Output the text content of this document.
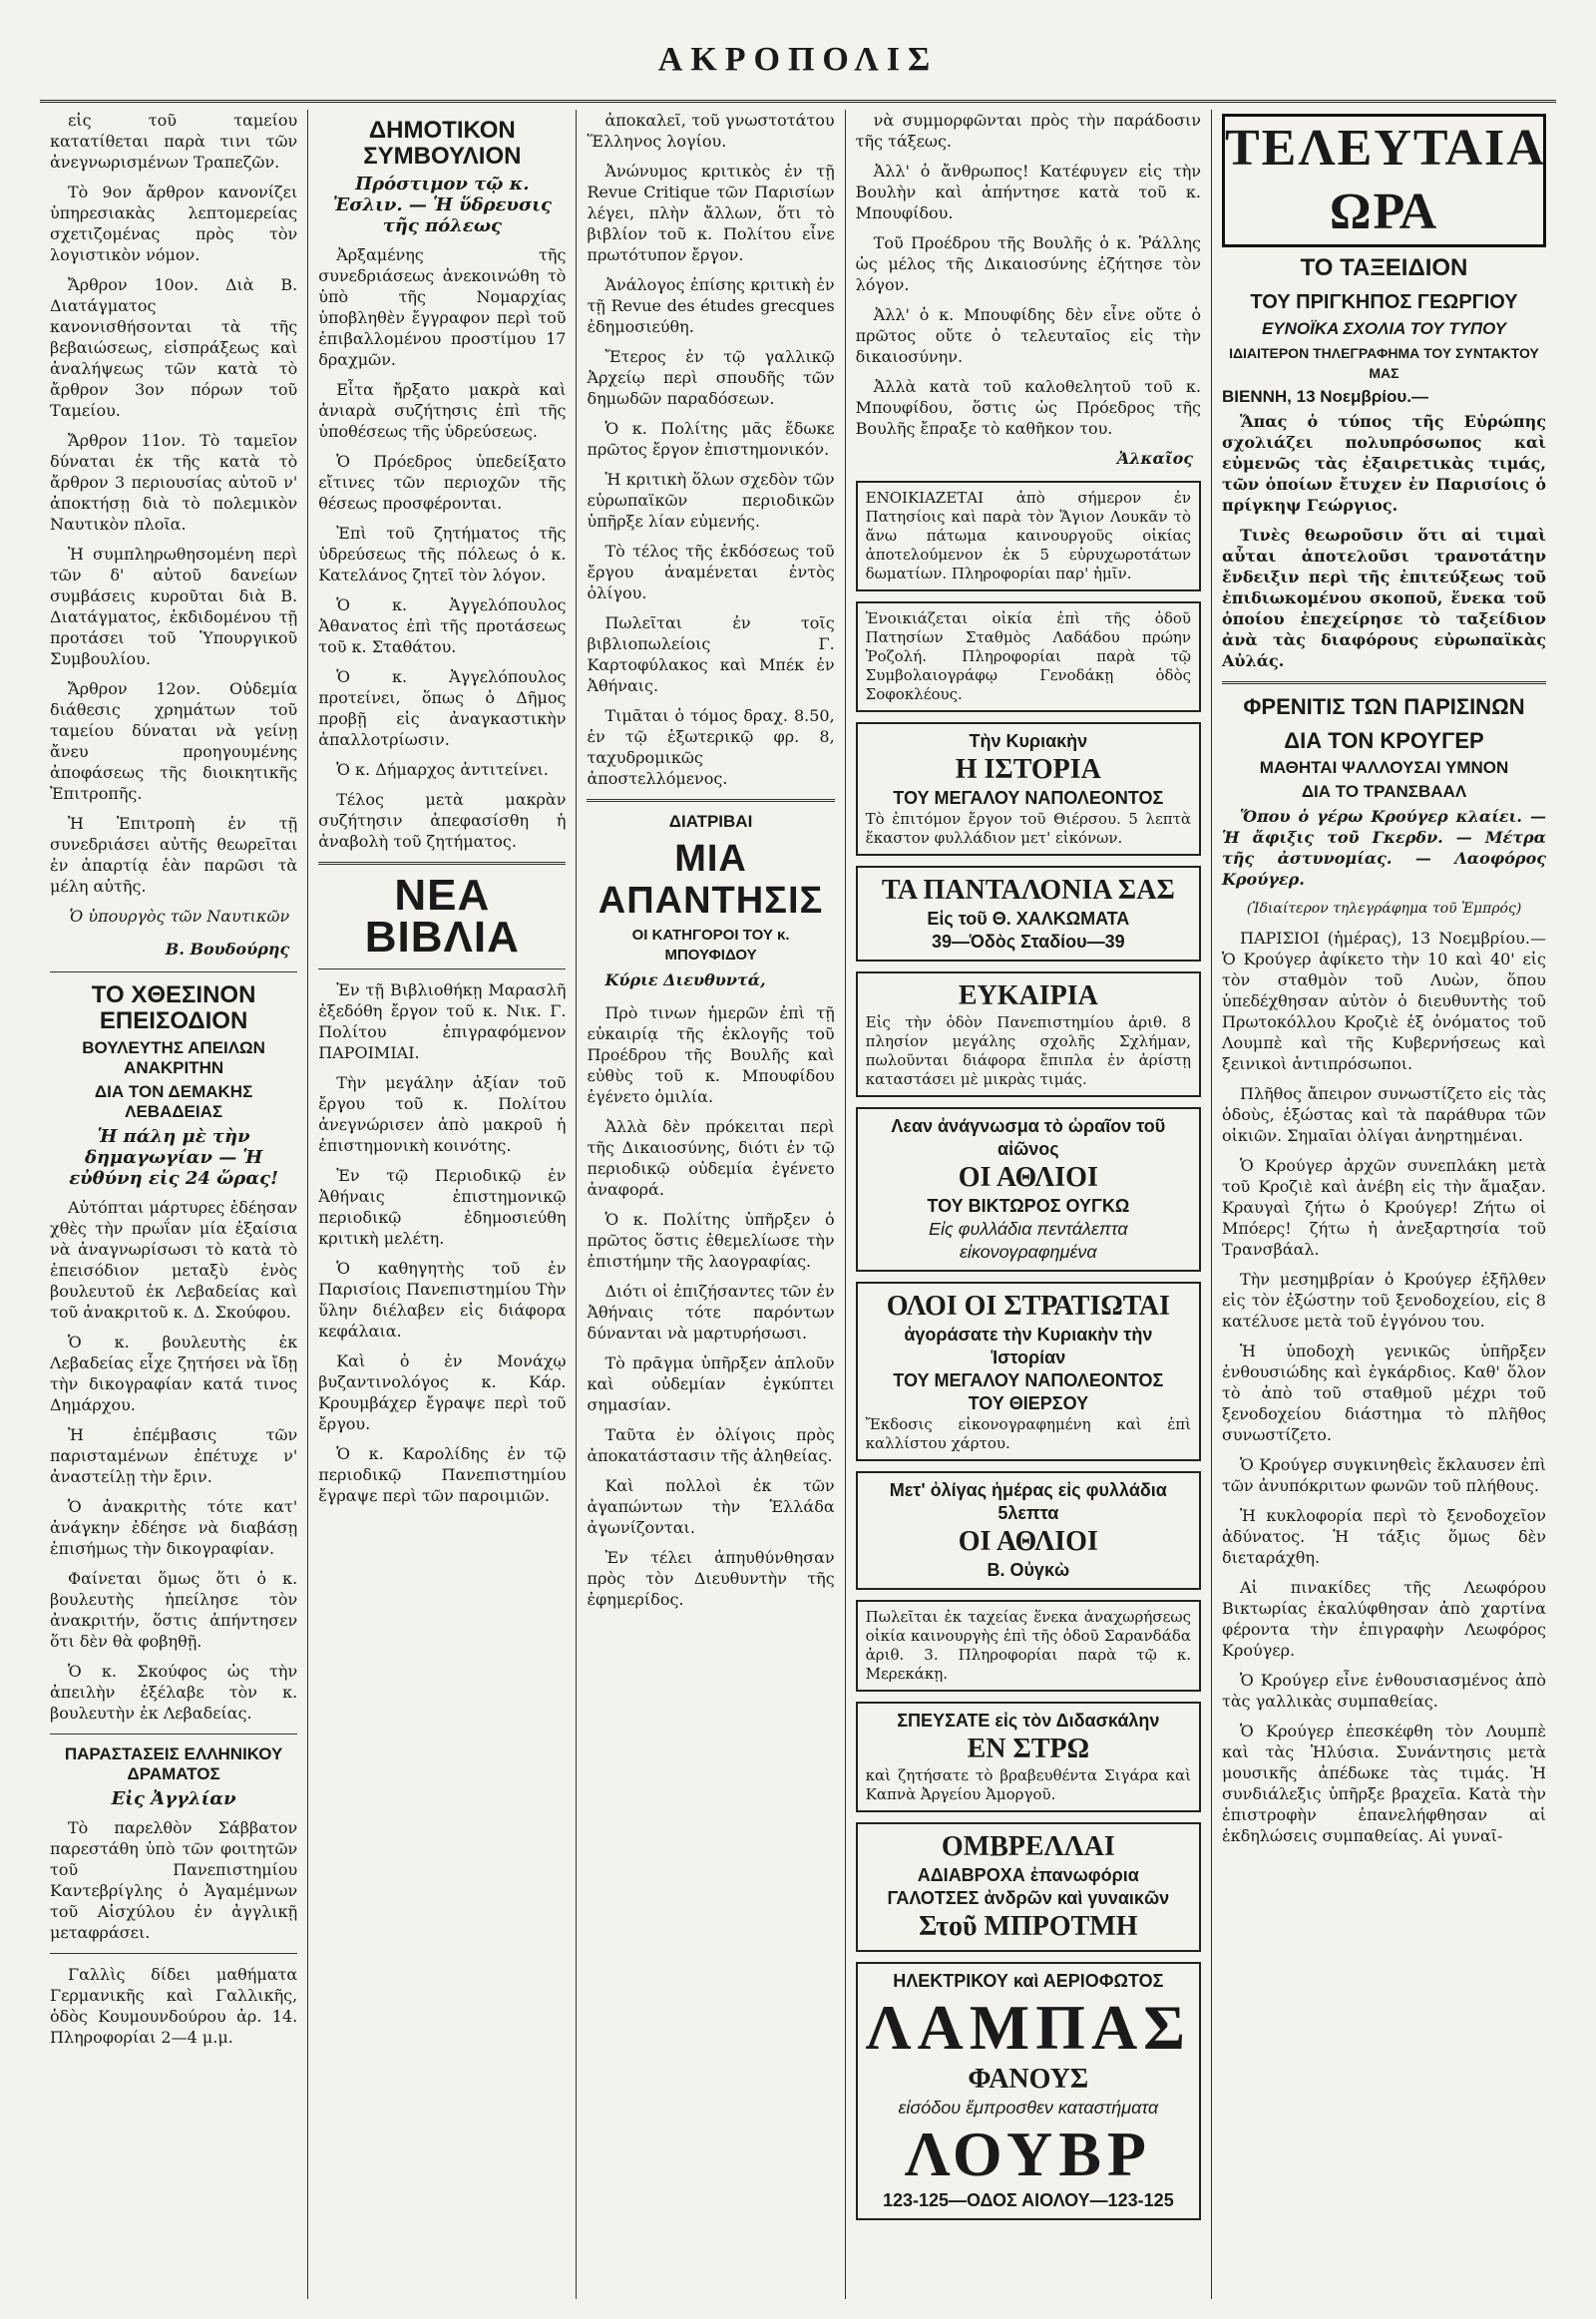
ΑΚΡΟΠΟΛΙΣ

εἰς τοῦ ταμείου κατατίθεται παρὰ τινι τῶν ἀνεγνωρισμένων Τραπεζῶν.

Τὸ 9ον ἄρθρον κανονίζει ὑπηρεσιακὰς λεπτομερείας σχετιζομένας πρὸς τὸν λογιστικὸν νόμον.

Ἄρθρον 10ον. Διὰ Β. Διατάγματος κανονισθήσονται τὰ τῆς βεβαιώσεως, εἰσπράξεως καὶ ἀναλήψεως τῶν κατὰ τὸ ἄρθρον 3ον πόρων τοῦ Ταμείου.

Ἄρθρον 11ον. Τὸ ταμεῖον δύναται ἐκ τῆς κατὰ τὸ ἄρθρον 3 περιουσίας αὐτοῦ ν' ἀποκτήσῃ διὰ τὸ πολεμικὸν Ναυτικὸν πλοῖα.

Ἡ συμπληρωθησομένη περὶ τῶν δ' αὐτοῦ δανείων συμβάσεις κυροῦται διὰ Β. Διατάγματος, ἐκδιδομένου τῇ προτάσει τοῦ Ὑπουργικοῦ Συμβουλίου.

Ἄρθρον 12ον. Οὐδεμία διάθεσις χρημάτων τοῦ ταμείου δύναται νὰ γείνῃ ἄνευ προηγουμένης ἀποφάσεως τῆς διοικητικῆς Ἐπιτροπῆς.

Ἡ Ἐπιτροπὴ ἐν τῇ συνεδριάσει αὐτῆς θεωρεῖται ἐν ἀπαρτίᾳ ἐὰν παρῶσι τὰ μέλη αὐτῆς.

Ὁ ὑπουργὸς τῶν Ναυτικῶν
Β. Βουδούρης
ΤΟ ΧΘΕΣΙΝΟΝ ΕΠΕΙΣΟΔΙΟΝ
ΒΟΥΛΕΥΤΗΣ ΑΠΕΙΛΩΝ ΑΝΑΚΡΙΤΗΝ
ΔΙΑ ΤΟΝ ΔΕΜΑΚΗΣ ΛΕΒΑΔΕΙΑΣ
Ἡ πάλη μὲ τὴν δημαγωγίαν — Ἡ εὐθύνη εἰς 24 ὥρας!

Αὐτόπται μάρτυρες ἐδέησαν χθὲς τὴν πρωΐαν μία ἐξαίσια νὰ ἀναγνωρίσωσι τὸ κατὰ τὸ ἐπεισόδιον μεταξὺ ἑνὸς βουλευτοῦ ἐκ Λεβαδείας καὶ τοῦ ἀνακριτοῦ κ. Δ. Σκούφου.

Ὁ κ. βουλευτὴς ἐκ Λεβαδείας εἶχε ζητήσει νὰ ἴδῃ τὴν δικογραφίαν κατά τινος Δημάρχου.

Ἡ ἐπέμβασις τῶν παρισταμένων ἐπέτυχε ν' ἀναστείλῃ τὴν ἔριν.

Ὁ ἀνακριτὴς τότε κατ' ἀνάγκην ἐδέησε νὰ διαβάσῃ ἐπισήμως τὴν δικογραφίαν.

Φαίνεται ὅμως ὅτι ὁ κ. βουλευτὴς ἠπείλησε τὸν ἀνακριτήν, ὅστις ἀπήντησεν ὅτι δὲν θὰ φοβηθῇ.

Ὁ κ. Σκούφος ὡς τὴν ἀπειλὴν ἐξέλαβε τὸν κ. βουλευτὴν ἐκ Λεβαδείας.

ΠΑΡΑΣΤΑΣΕΙΣ ΕΛΛΗΝΙΚΟΥ ΔΡΑΜΑΤΟΣ
Εἰς Ἀγγλίαν

Τὸ παρελθὸν Σάββατον παρεστάθη ὑπὸ τῶν φοιτητῶν τοῦ Πανεπιστημίου Καντεβρίγλης ὁ Ἀγαμέμνων τοῦ Αἰσχύλου ἐν ἀγγλικῇ μεταφράσει.

Γαλλὶς δίδει μαθήματα Γερμανικῆς καὶ Γαλλικῆς, ὁδὸς Κουμουνδούρου ἀρ. 14. Πληροφορίαι 2—4 μ.μ.

ΔΗΜΟΤΙΚΟΝ ΣΥΜΒΟΥΛΙΟΝ
Πρόστιμον τῷ κ. Ἐσλιν. — Ἡ ὕδρευσις τῆς πόλεως

Ἀρξαμένης τῆς συνεδριάσεως ἀνεκοινώθη τὸ ὑπὸ τῆς Νομαρχίας ὑποβληθὲν ἔγγραφον περὶ τοῦ ἐπιβαλλομένου προστίμου 17 δραχμῶν.

Εἶτα ἤρξατο μακρὰ καὶ ἀνιαρὰ συζήτησις ἐπὶ τῆς ὑποθέσεως τῆς ὑδρεύσεως.

Ὁ Πρόεδρος ὑπεδείξατο εἴτινες τῶν περιοχῶν τῆς θέσεως προσφέρονται.

Ἐπὶ τοῦ ζητήματος τῆς ὑδρεύσεως τῆς πόλεως ὁ κ. Κατελάνος ζητεῖ τὸν λόγον.

Ὁ κ. Ἀγγελόπουλος Ἀθανατος ἐπὶ τῆς προτάσεως τοῦ κ. Σταθάτου.

Ὁ κ. Ἀγγελόπουλος προτείνει, ὅπως ὁ Δῆμος προβῇ εἰς ἀναγκαστικὴν ἀπαλλοτρίωσιν.

Ὁ κ. Δήμαρχος ἀντιτείνει.

Τέλος μετὰ μακρὰν συζήτησιν ἀπεφασίσθη ἡ ἀναβολὴ τοῦ ζητήματος.

ΝΕΑ ΒΙΒΛΙΑ

Ἐν τῇ Βιβλιοθήκῃ Μαρασλῆ ἐξεδόθη ἔργον τοῦ κ. Νικ. Γ. Πολίτου ἐπιγραφόμενον ΠΑΡΟΙΜΙΑΙ.

Τὴν μεγάλην ἀξίαν τοῦ ἔργου τοῦ κ. Πολίτου ἀνεγνώρισεν ἀπὸ μακροῦ ἡ ἐπιστημονικὴ κοινότης.

Ἐν τῷ Περιοδικῷ ἐν Ἀθήναις ἐπιστημονικῷ περιοδικῷ ἐδημοσιεύθη κριτικὴ μελέτη.

Ὁ καθηγητὴς τοῦ ἐν Παρισίοις Πανεπιστημίου Τὴν ὕλην διέλαβεν εἰς διάφορα κεφάλαια.

Καὶ ὁ ἐν Μονάχῳ βυζαντινολόγος κ. Κάρ. Κρουμβάχερ ἔγραψε περὶ τοῦ ἔργου.

Ὁ κ. Καρολίδης ἐν τῷ περιοδικῷ Πανεπιστημίου ἔγραψε περὶ τῶν παροιμιῶν.

ἀποκαλεῖ, τοῦ γνωστοτάτου Ἕλληνος λογίου.

Ἀνώνυμος κριτικὸς ἐν τῇ Revue Critique τῶν Παρισίων λέγει, πλὴν ἄλλων, ὅτι τὸ βιβλίον τοῦ κ. Πολίτου εἶνε πρωτότυπον ἔργον.

Ἀνάλογος ἐπίσης κριτικὴ ἐν τῇ Revue des études grecques ἐδημοσιεύθη.

Ἔτερος ἐν τῷ γαλλικῷ Ἀρχείῳ περὶ σπουδῆς τῶν δημωδῶν παραδόσεων.

Ὁ κ. Πολίτης μᾶς ἔδωκε πρῶτος ἔργον ἐπιστημονικόν.

Ἡ κριτικὴ ὅλων σχεδὸν τῶν εὐρωπαϊκῶν περιοδικῶν ὑπῆρξε λίαν εὐμενής.

Τὸ τέλος τῆς ἐκδόσεως τοῦ ἔργου ἀναμένεται ἐντὸς ὀλίγου.

Πωλεῖται ἐν τοῖς βιβλιοπωλείοις Γ. Καρτοφύλακος καὶ Μπέκ ἐν Ἀθήναις.

Τιμᾶται ὁ τόμος δραχ. 8.50, ἐν τῷ ἐξωτερικῷ φρ. 8, ταχυδρομικῶς ἀποστελλόμενος.

ΔΙΑΤΡΙΒΑΙ
ΜΙΑ ΑΠΑΝΤΗΣΙΣ
ΟΙ ΚΑΤΗΓΟΡΟΙ ΤΟΥ κ. ΜΠΟΥΦΙΔΟΥ
Κύριε Διευθυντά,

Πρὸ τινων ἡμερῶν ἐπὶ τῇ εὐκαιρίᾳ τῆς ἐκλογῆς τοῦ Προέδρου τῆς Βουλῆς καὶ εὐθὺς τοῦ κ. Μπουφίδου ἐγένετο ὁμιλία.

Ἀλλὰ δὲν πρόκειται περὶ τῆς Δικαιοσύνης, διότι ἐν τῷ περιοδικῷ οὐδεμία ἐγένετο ἀναφορά.

Ὁ κ. Πολίτης ὑπῆρξεν ὁ πρῶτος ὅστις ἐθεμελίωσε τὴν ἐπιστήμην τῆς λαογραφίας.

Διότι οἱ ἐπιζήσαντες τῶν ἐν Ἀθήναις τότε παρόντων δύνανται νὰ μαρτυρήσωσι.

Τὸ πρᾶγμα ὑπῆρξεν ἁπλοῦν καὶ οὐδεμίαν ἐγκύπτει σημασίαν.

Ταῦτα ἐν ὀλίγοις πρὸς ἀποκατάστασιν τῆς ἀληθείας.

Καὶ πολλοὶ ἐκ τῶν ἀγαπώντων τὴν Ἑλλάδα ἀγωνίζονται.

Ἐν τέλει ἀπηυθύνθησαν πρὸς τὸν Διευθυντὴν τῆς ἐφημερίδος.

νὰ συμμορφῶνται πρὸς τὴν παράδοσιν τῆς τάξεως.

Ἀλλ' ὁ ἄνθρωπος! Κατέφυγεν εἰς τὴν Βουλὴν καὶ ἀπήντησε κατὰ τοῦ κ. Μπουφίδου.

Τοῦ Προέδρου τῆς Βουλῆς ὁ κ. Ῥάλλης ὡς μέλος τῆς Δικαιοσύνης ἐζήτησε τὸν λόγον.

Ἀλλ' ὁ κ. Μπουφίδης δὲν εἶνε οὔτε ὁ πρῶτος οὔτε ὁ τελευταῖος εἰς τὴν δικαιοσύνην.

Ἀλλὰ κατὰ τοῦ καλοθελητοῦ τοῦ κ. Μπουφίδου, ὅστις ὡς Πρόεδρος τῆς Βουλῆς ἔπραξε τὸ καθῆκον του.

Ἀλκαῖος
ΕΝΟΙΚΙΑΖΕΤΑΙ ἀπὸ σήμερον ἐν Πατησίοις καὶ παρὰ τὸν Ἅγιον Λουκᾶν τὸ ἄνω πάτωμα καινουργοῦς οἰκίας ἀποτελούμενον ἐκ 5 εὐρυχωροτάτων δωματίων. Πληροφορίαι παρ' ἡμῖν.
Ἐνοικιάζεται οἰκία ἐπὶ τῆς ὁδοῦ Πατησίων Σταθμὸς Λαδάδου πρώην Ῥοζολή. Πληροφορίαι παρὰ τῷ Συμβολαιογράφῳ Γενοδάκῃ ὁδὸς Σοφοκλέους.
Τὴν Κυριακὴν
Η ΙΣΤΟΡΙΑ
ΤΟΥ ΜΕΓΑΛΟΥ ΝΑΠΟΛΕΟΝΤΟΣ
Τὸ ἐπιτόμον ἔργον τοῦ Θιέρσου. 5 λεπτὰ ἕκαστον φυλλάδιον μετ' εἰκόνων.
ΤΑ ΠΑΝΤΑΛΟΝΙΑ ΣΑΣ
Εἰς τοῦ Θ. ΧΑΛΚΩΜΑΤΑ
39—Ὁδὸς Σταδίου—39
ΕΥΚΑΙΡΙΑ
Εἰς τὴν ὁδὸν Πανεπιστημίου ἀριθ. 8 πλησίον μεγάλης σχολῆς Σχλήμαν, πωλοῦνται διάφορα ἔπιπλα ἐν ἀρίστῃ καταστάσει μὲ μικρὰς τιμάς.
Λεαν ἀνάγνωσμα τὸ ὡραῖον τοῦ αἰῶνος
ΟΙ ΑΘΛΙΟΙ
ΤΟΥ ΒΙΚΤΩΡΟΣ ΟΥΓΚΩ
Εἰς φυλλάδια πεντάλεπτα εἰκονογραφημένα
ΟΛΟΙ ΟΙ ΣΤΡΑΤΙΩΤΑΙ
ἀγοράσατε τὴν Κυριακὴν τὴν Ἱστορίαν
ΤΟΥ ΜΕΓΑΛΟΥ ΝΑΠΟΛΕΟΝΤΟΣ
ΤΟΥ ΘΙΕΡΣΟΥ
Ἔκδοσις εἰκονογραφημένη καὶ ἐπὶ καλλίστου χάρτου.
Μετ' ὀλίγας ἡμέρας εἰς φυλλάδια 5λεπτα
ΟΙ ΑΘΛΙΟΙ
Β. Οὐγκὼ
Πωλεῖται ἐκ ταχείας ἕνεκα ἀναχωρήσεως οἰκία καινουργὴς ἐπὶ τῆς ὁδοῦ Σαρανδάδα ἀριθ. 3. Πληροφορίαι παρὰ τῷ κ. Μερεκάκῃ.
ΣΠΕΥΣΑΤΕ εἰς τὸν Διδασκάλην
ΕΝ ΣΤΡΩ
καὶ ζητήσατε τὸ βραβευθέντα Σιγάρα καὶ Καπνὰ Ἀργείου Ἀμοργοῦ.
ΟΜΒΡΕΛΛΑΙ
ΑΔΙΑΒΡΟΧΑ ἐπανωφόρια
ΓΑΛΟΤΣΕΣ ἀνδρῶν καὶ γυναικῶν
Στοῦ ΜΠΡΟΤΜΗ
ΗΛΕΚΤΡΙΚΟΥ καὶ ΑΕΡΙΟΦΩΤΟΣ
ΛΑΜΠΑΣ
ΦΑΝΟΥΣ
εἰσόδου ἔμπροσθεν καταστήματα
ΛΟΥΒΡ
123-125—ΟΔΟΣ ΑΙΟΛΟΥ—123-125
ΤΕΛΕΥΤΑΙΑ ΩΡΑ
ΤΟ ΤΑΞΕΙΔΙΟΝ
ΤΟΥ ΠΡΙΓΚΗΠΟΣ ΓΕΩΡΓΙΟΥ
ΕΥΝΟΪΚΑ ΣΧΟΛΙΑ ΤΟΥ ΤΥΠΟΥ
ΙΔΙΑΙΤΕΡΟΝ ΤΗΛΕΓΡΑΦΗΜΑ ΤΟΥ ΣΥΝΤΑΚΤΟΥ ΜΑΣ
ΒΙΕΝΝΗ, 13 Νοεμβρίου.—

Ἅπας ὁ τύπος τῆς Εὐρώπης σχολιάζει πολυπρόσωπος καὶ εὐμενῶς τὰς ἐξαιρετικὰς τιμάς, τῶν ὁποίων ἔτυχεν ἐν Παρισίοις ὁ πρίγκηψ Γεώργιος.

Τινὲς θεωροῦσιν ὅτι αἱ τιμαὶ αὗται ἀποτελοῦσι τρανοτάτην ἔνδειξιν περὶ τῆς ἐπιτεύξεως τοῦ ἐπιδιωκομένου σκοποῦ, ἕνεκα τοῦ ὁποίου ἐπεχείρησε τὸ ταξείδιον ἀνὰ τὰς διαφόρους εὐρωπαϊκὰς Αὐλάς.

ΦΡΕΝΙΤΙΣ ΤΩΝ ΠΑΡΙΣΙΝΩΝ
ΔΙΑ ΤΟΝ ΚΡΟΥΓΕΡ
ΜΑΘΗΤΑΙ ΨΑΛΛΟΥΣΑΙ ΥΜΝΟΝ
ΔΙΑ ΤΟ ΤΡΑΝΣΒΑΑΛ

Ὅπου ὁ γέρω Κρούγερ κλαίει. — Ἡ ἄφιξις τοῦ Γκερδν. — Μέτρα τῆς ἀστυνομίας. — Λαοφόρος Κρούγερ.

(Ἰδιαίτερον τηλεγράφημα τοῦ Ἐμπρός)

ΠΑΡΙΣΙΟΙ (ἡμέρας), 13 Νοεμβρίου.— Ὁ Κρούγερ ἀφίκετο τὴν 10 καὶ 40' εἰς τὸν σταθμὸν τοῦ Λυὼν, ὅπου ὑπεδέχθησαν αὐτὸν ὁ διευθυντὴς τοῦ Πρωτοκόλλου Κροζιὲ ἐξ ὀνόματος τοῦ Λουμπὲ καὶ τῆς Κυβερνήσεως καὶ ξεινικοὶ ἀντιπρόσωποι.

Πλῆθος ἄπειρον συνωστίζετο εἰς τὰς ὁδοὺς, ἐξώστας καὶ τὰ παράθυρα τῶν οἰκιῶν. Σημαῖαι ὀλίγαι ἀνηρτημέναι.

Ὁ Κρούγερ ἀρχῶν συνεπλάκη μετὰ τοῦ Κροζιὲ καὶ ἀνέβη εἰς τὴν ἅμαξαν. Κραυγαὶ ζήτω ὁ Κρούγερ! Ζήτω οἱ Μπόερς! ζήτω ἡ ἀνεξαρτησία τοῦ Τρανσβάαλ.

Τὴν μεσημβρίαν ὁ Κρούγερ ἐξῆλθεν εἰς τὸν ἐξώστην τοῦ ξενοδοχείου, εἰς 8 κατέλυσε μετὰ τοῦ ἐγγόνου του.

Ἡ ὑποδοχὴ γενικῶς ὑπῆρξεν ἐνθουσιώδης καὶ ἐγκάρδιος. Καθ' ὅλον τὸ ἀπὸ τοῦ σταθμοῦ μέχρι τοῦ ξενοδοχείου διάστημα τὸ πλῆθος συνωστίζετο.

Ὁ Κρούγερ συγκινηθεὶς ἔκλαυσεν ἐπὶ τῶν ἀνυπόκριτων φωνῶν τοῦ πλήθους.

Ἡ κυκλοφορία περὶ τὸ ξενοδοχεῖον ἀδύνατος. Ἡ τάξις ὅμως δὲν διεταράχθη.

Αἱ πινακίδες τῆς Λεωφόρου Βικτωρίας ἐκαλύφθησαν ἀπὸ χαρτίνα φέροντα τὴν ἐπιγραφὴν Λεωφόρος Κρούγερ.

Ὁ Κρούγερ εἶνε ἐνθουσιασμένος ἀπὸ τὰς γαλλικὰς συμπαθείας.

Ὁ Κρούγερ ἐπεσκέφθη τὸν Λουμπὲ καὶ τὰς Ἠλύσια. Συνάντησις μετὰ μουσικῆς ἀπέδωκε τὰς τιμάς. Ἡ συνδιάλεξις ὑπῆρξε βραχεῖα. Κατὰ τὴν ἐπιστροφὴν ἐπανελήφθησαν αἱ ἐκδηλώσεις συμπαθείας. Αἱ γυναῖ-
